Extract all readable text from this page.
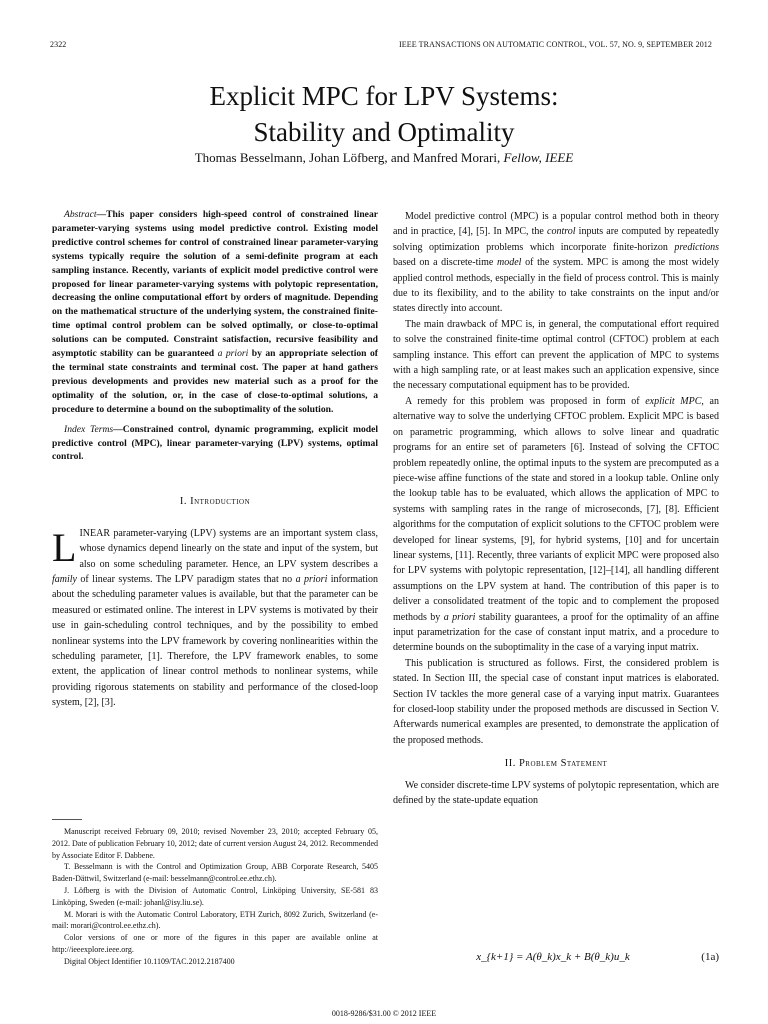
2322	IEEE TRANSACTIONS ON AUTOMATIC CONTROL, VOL. 57, NO. 9, SEPTEMBER 2012
Explicit MPC for LPV Systems:
Stability and Optimality
Thomas Besselmann, Johan Löfberg, and Manfred Morari, Fellow, IEEE

Abstract—This paper considers high-speed control of constrained linear parameter-varying systems using model predictive control. Existing model predictive control schemes for control of constrained linear parameter-varying systems typically require the solution of a semi-definite program at each sampling instance. Recently, variants of explicit model predictive control were proposed for linear parameter-varying systems with polytopic representation, decreasing the online computational effort by orders of magnitude. Depending on the mathematical structure of the underlying system, the constrained finite-time optimal control problem can be solved optimally, or close-to-optimal solutions can be computed. Constraint satisfaction, recursive feasibility and asymptotic stability can be guaranteed a priori by an appropriate selection of the terminal state constraints and terminal cost. The paper at hand gathers previous developments and provides new material such as a proof for the optimality of the solution, or, in the case of close-to-optimal solutions, a procedure to determine a bound on the suboptimality of the solution.

Index Terms—Constrained control, dynamic programming, explicit model predictive control (MPC), linear parameter-varying (LPV) systems, optimal control.

I. Introduction

LINEAR parameter-varying (LPV) systems are an important system class, whose dynamics depend linearly on the state and input of the system, but also on some scheduling parameter. Hence, an LPV system describes a family of linear systems. The LPV paradigm states that no a priori information about the scheduling parameter values is available, but that the parameter can be measured or estimated online. The interest in LPV systems is motivated by their use in gain-scheduling control techniques, and by the possibility to embed nonlinear systems into the LPV framework by covering nonlinearities within the scheduling parameter, [1]. Therefore, the LPV framework enables, to some extent, the application of linear control methods to nonlinear systems, while providing rigorous statements on stability and performance of the closed-loop system, [2], [3].

Manuscript received February 09, 2010; revised November 23, 2010; accepted February 05, 2012. Date of publication February 10, 2012; date of current version August 24, 2012. Recommended by Associate Editor F. Dabbene.

T. Besselmann is with the Control and Optimization Group, ABB Corporate Research, 5405 Baden-Dättwil, Switzerland (e-mail: besselmann@control.ee.ethz.ch).

J. Löfberg is with the Division of Automatic Control, Linköping University, SE-581 83 Linköping, Sweden (e-mail: johanl@isy.liu.se).

M. Morari is with the Automatic Control Laboratory, ETH Zurich, 8092 Zurich, Switzerland (e-mail: morari@control.ee.ethz.ch).

Color versions of one or more of the figures in this paper are available online at http://ieeexplore.ieee.org.

Digital Object Identifier 10.1109/TAC.2012.2187400

Model predictive control (MPC) is a popular control method both in theory and in practice, [4], [5]. In MPC, the control inputs are computed by repeatedly solving optimization problems which incorporate finite-horizon predictions based on a discrete-time model of the system. MPC is among the most widely applied control methods, especially in the field of process control. This is mainly due to its flexibility, and to the ability to take constraints on the input and/or states directly into account.

The main drawback of MPC is, in general, the computational effort required to solve the constrained finite-time optimal control (CFTOC) problem at each sampling instance. This effort can prevent the application of MPC to systems with a high sampling rate, or at least makes such an application expensive, since the necessary computational equipment has to be provided.

A remedy for this problem was proposed in form of explicit MPC, an alternative way to solve the underlying CFTOC problem. Explicit MPC is based on parametric programming, which allows to solve linear and quadratic programs for an entire set of parameters [6]. Instead of solving the CFTOC problem repeatedly online, the optimal inputs to the system are precomputed as a piece-wise affine functions of the state and stored in a lookup table. Online only the lookup table has to be evaluated, which allows the application of MPC to systems with sampling rates in the range of microseconds, [7], [8]. Efficient algorithms for the computation of explicit solutions to the CFTOC problem were developed for linear systems, [9], for hybrid systems, [10] and for uncertain linear systems, [11]. Recently, three variants of explicit MPC were proposed also for LPV systems with polytopic representation, [12]–[14], all handling different assumptions on the LPV system at hand. The contribution of this paper is to deliver a consolidated treatment of the topic and to complement the proposed methods by a priori stability guarantees, a proof for the optimality of an affine input parametrization for the case of constant input matrix, and a procedure to determine bounds on the suboptimality in the case of a varying input matrix.

This publication is structured as follows. First, the considered problem is stated. In Section III, the special case of constant input matrices is elaborated. Section IV tackles the more general case of a varying input matrix. Guarantees for closed-loop stability under the proposed methods are discussed in Section V. Afterwards numerical examples are presented, to demonstrate the application of the proposed methods.

II. Problem Statement

We consider discrete-time LPV systems of polytopic representation, which are defined by the state-update equation

x_{k+1} = A(θ_k)x_k + B(θ_k)u_k	(1a)
0018-9286/$31.00 © 2012 IEEE
